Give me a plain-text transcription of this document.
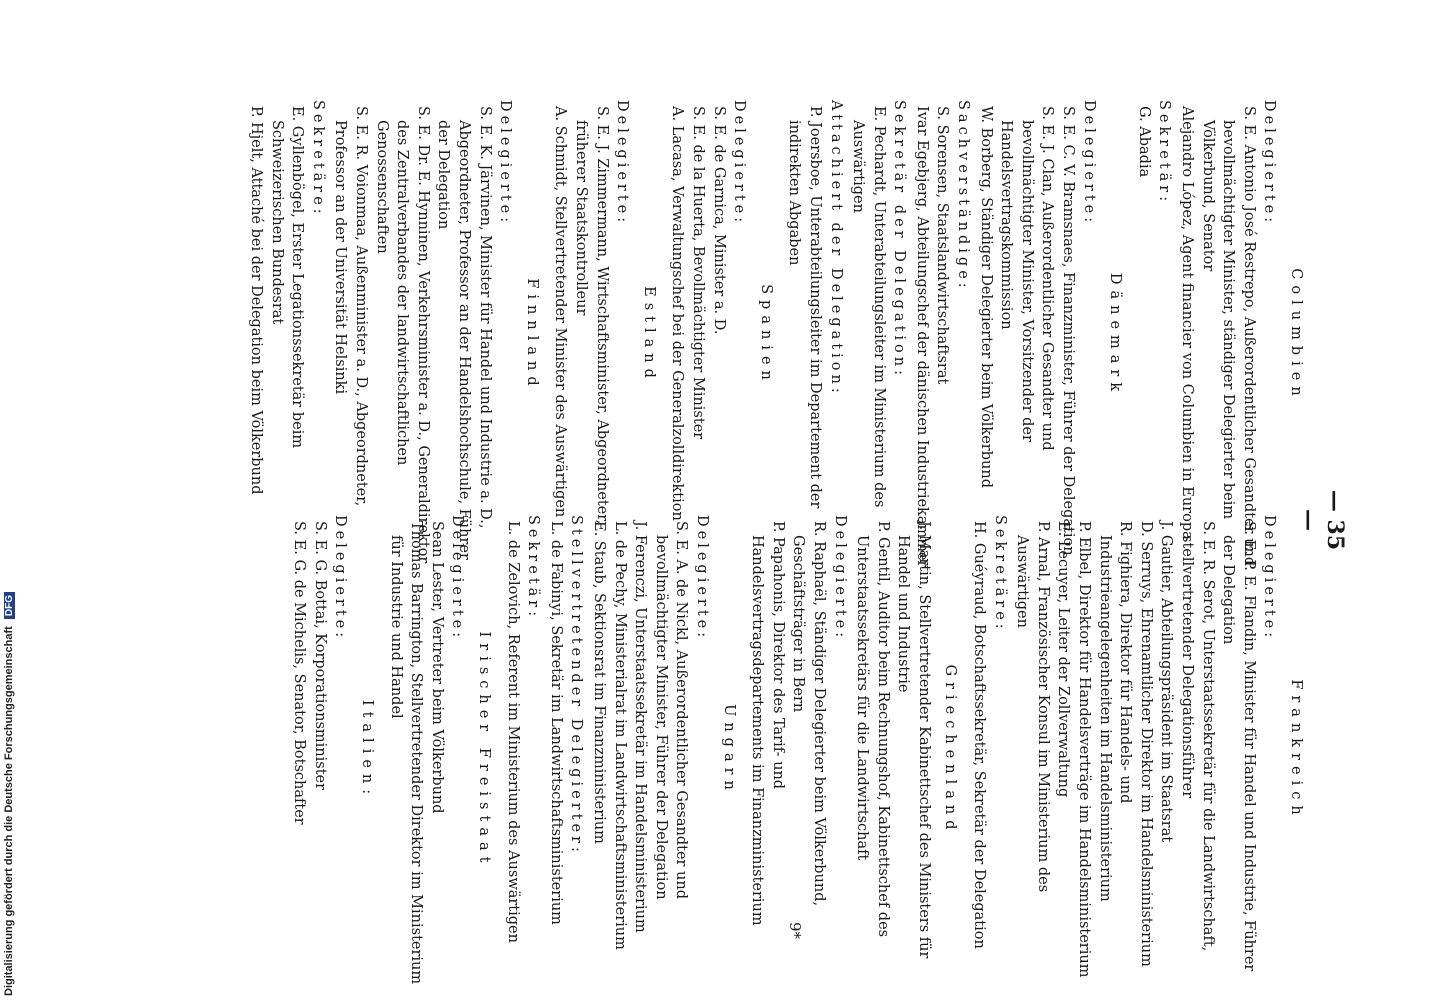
Columbien
Delegierte:
S. E. Antonio José Restrepo, Außerordentlicher Gesandter und bevollmächtigter Minister, ständiger Delegierter beim Völkerbund, Senator
Alejandro López, Agent financier von Columbien in Europa
Sekretär:
G. Abadia
Dänemark
Delegierte:
S. E. C. V. Bramsnaes, Finanzminister, Führer der Delegation
S. E. J. Clan, Außerordentlicher Gesandter und bevollmächtigter Minister, Vorsitzender der Handelsvertragskommission
W. Borberg, Ständiger Delegierter beim Völkerbund
Sachverständige:
S. Sorensen, Staatslandwirtschaftsrat
Ivar Egebjerg, Abteilungschef der dänischen Industriekammer
Sekretär der Delegation:
E. Pechardt, Unterabteilungsleiter im Ministerium des Auswärtigen
Attachiert der Delegation:
P. Joersboe, Unterabteilungsleiter im Departement der indirekten Abgaben
Spanien
Delegierte:
S. E. de Garnica, Minister a. D.
S. E. de la Huerta, Bevollmächtigter Minister
A. Lacasa, Verwaltungschef bei der Generalzolldirektion
Estland
Delegierte:
S. E. J. Zimmermann, Wirtschaftsminister, Abgeordneter, früherer Staatskontrolleur
A. Schmidt, Stellvertretender Minister des Auswärtigen
Finnland
Delegierte:
S. E. K. Järvinen, Minister für Handel und Industrie a. D., Abgeordneter, Professor an der Handelshochschule, Führer der Delegation
S. E. Dr. E. Hynninen, Verkehrsminister a. D., Generaldirektor des Zentralverbandes der landwirtschaftlichen Genossenschaften
S. E. R. Voionmaa, Außenminister a. D., Abgeordneter, Professor an der Universität Helsinki
Sekretäre:
E. Gyllenbögel, Erster Legationssekretär beim Schweizerischen Bundesrat
P. Hjelt, Attaché bei der Delegation beim Völkerbund
Frankreich
Delegierte:
S. E. P. E. Flandin, Minister für Handel und Industrie, Führer der Delegation
S. E. R. Serot, Unterstaatssekretär für die Landwirtschaft, stellvertretender Delegationsführer
J. Gautier, Abteilungspräsident im Staatsrat
D. Serruys, Ehrenamtlicher Direktor im Handelsministerium
R. Fighiera, Direktor für Handels- und Industrieangelegenheiten im Handelsministerium
P. Elbel, Direktor für Handelsverträge im Handelsministerium
E. Lecuyer, Leiter der Zollverwaltung
P. Arnal, Französischer Konsul im Ministerium des Auswärtigen
Sekretäre:
H. Guéyraud, Botschaftssekretär, Sekretär der Delegation
Griechenland
J. Martin, Stellvertretender Kabinettschef des Ministers für Handel und Industrie
P. Gentil, Auditor beim Rechnungshof, Kabinettschef des Unterstaatssekretärs für die Landwirtschaft
Delegierte:
R. Raphaël, Ständiger Delegierter beim Völkerbund, Geschäftsträger in Bern
P. Papahonis, Direktor des Tarif- und Handelsvertragsdepartements im Finanzministerium
Ungarn
Delegierte:
S. E. A. de Nickl, Außerordentlicher Gesandter und bevollmächtigter Minister, Führer der Delegation
J. Ferenczi, Unterstaatssekretär im Handelsministerium
L. de Pechy, Ministerialrat im Landwirtschaftsministerium
E. Staub, Sektionsrat im Finanzministerium
Stellvertretender Delegierter:
L. de Fabinyi, Sekretär im Landwirtschaftsministerium
Sekretär:
L. de Zelovich, Referent im Ministerium des Auswärtigen
Irischer Freistaat
Delegierte:
Sean Lester, Vertreter beim Völkerbund
Thomas Barrington, Stellvertretender Direktor im Ministerium für Industrie und Handel
Italien:
Delegierte:
S. E. G. Bottai, Korporationsminister
S. E. G. de Michelis, Senator, Botschafter
— 35 —
9*
Digitalisierung gefördert durch die Deutsche Forschungsgemeinschaft DFG
